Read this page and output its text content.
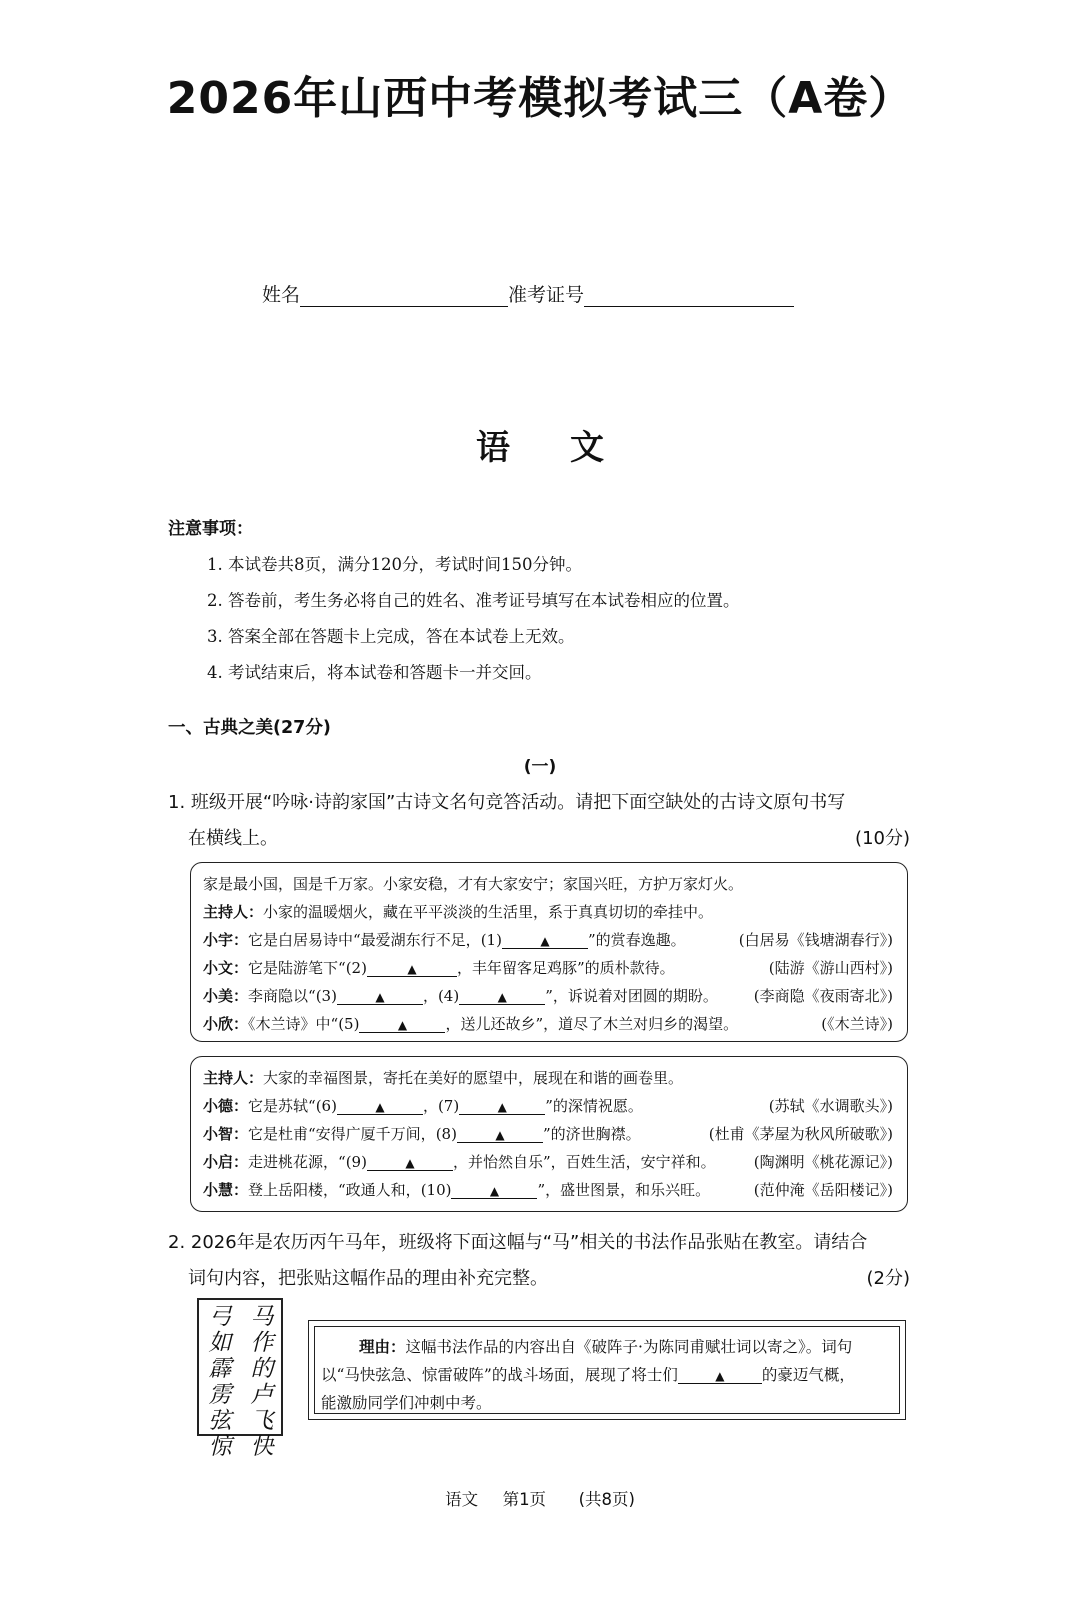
2026年山西中考模拟考试三（A卷）
姓名	准考证号
语文
注意事项：
1. 本试卷共8页，满分120分，考试时间150分钟。
2. 答卷前，考生务必将自己的姓名、准考证号填写在本试卷相应的位置。
3. 答案全部在答题卡上完成，答在本试卷上无效。
4. 考试结束后，将本试卷和答题卡一并交回。
一、古典之美(27分)
(一)
1. 班级开展“吟咏·诗韵家国”古诗文名句竞答活动。请把下面空缺处的古诗文原句书写
在横线上。	(10分)
家是最小国，国是千万家。小家安稳，才有大家安宁；家国兴旺，方护万家灯火。
主持人：小家的温暖烟火，藏在平平淡淡的生活里，系于真真切切的牵挂中。
小宇：它是白居易诗中“最爱湖东行不足，(1)	▲	”的赏春逸趣。	(白居易《钱塘湖春行》)
小文：它是陆游笔下“(2)	▲	，丰年留客足鸡豚”的质朴款待。	(陆游《游山西村》)
小美：李商隐以“(3)	▲	，(4)	▲	”，诉说着对团圆的期盼。 (李商隐《夜雨寄北》)
小欣：《木兰诗》中“(5)	▲	，送儿还故乡”，道尽了木兰对归乡的渴望。	(《木兰诗》)
主持人：大家的幸福图景，寄托在美好的愿望中，展现在和谐的画卷里。
小德：它是苏轼“(6)	▲	，(7)	▲	”的深情祝愿。	(苏轼《水调歌头》)
小智：它是杜甫“安得广厦千万间，(8)	▲	”的济世胸襟。	(杜甫《茅屋为秋风所破歌》)
小启：走进桃花源，“(9)	▲	，并怡然自乐”，百姓生活，安宁祥和。	(陶渊明《桃花源记》)
小慧：登上岳阳楼，“政通人和，(10)	▲	”，盛世图景，和乐兴旺。	(范仲淹《岳阳楼记》)
2. 2026年是农历丙午马年，班级将下面这幅与“马”相关的书法作品张贴在教室。请结合
词句内容，把张贴这幅作品的理由补充完整。	(2分)
马作的卢飞快
弓如霹雳弦惊
理由：这幅书法作品的内容出自《破阵子·为陈同甫赋壮词以寄之》。词句
以“马快弦急、惊雷破阵”的战斗场面，展现了将士们	▲ 的豪迈气概，
能激励同学们冲刺中考。
语文 第1页 (共8页)
